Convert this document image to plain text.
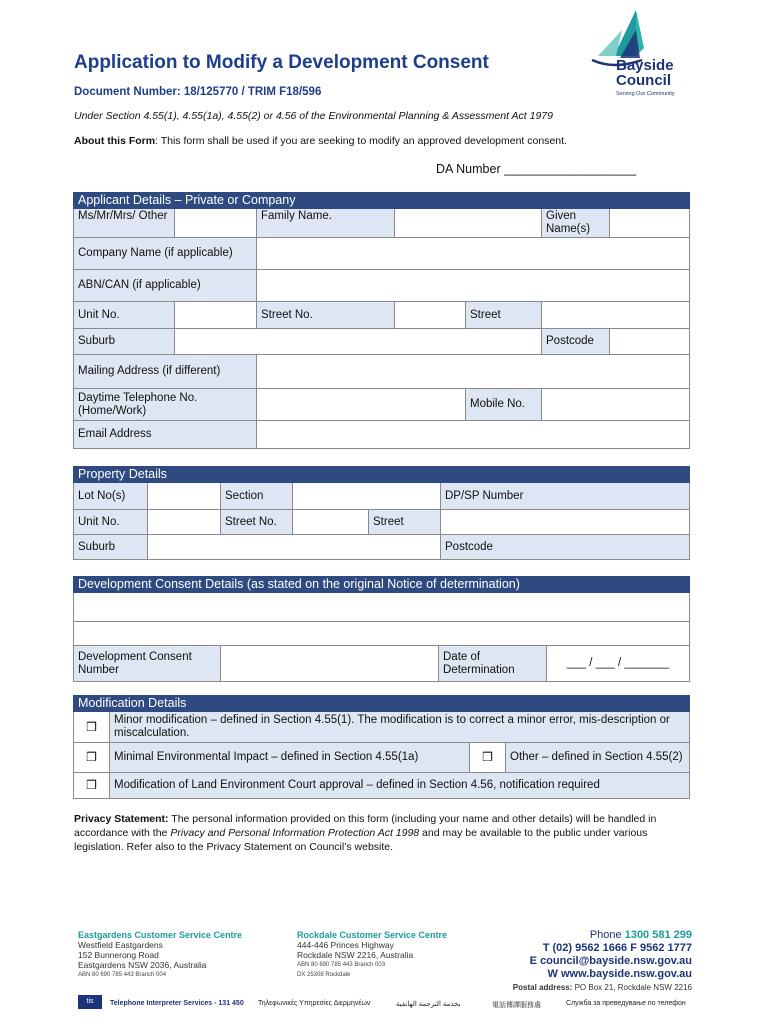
Application to Modify a Development Consent
Document Number: 18/125770 / TRIM F18/596
Under Section 4.55(1), 4.55(1a), 4.55(2) or 4.56 of the Environmental Planning & Assessment Act 1979
About this Form: This form shall be used if you are seeking to modify an approved development consent.
DA Number ___________________
Bayside
Council
Serving Our Community
Applicant Details – Private or Company						
Ms/Mr/Mrs/ Other		Family Name.			Given Name(s)	
Company Name (if applicable)						
ABN/CAN (if applicable)						
Unit No.		Street No.		Street		
Suburb					Postcode	
Mailing Address (if different)						
Daytime Telephone No. (Home/Work)				Mobile No.		
Email Address						
Property Details					
Lot No(s)		Section			DP/SP Number
Unit No.		Street No.		Street	
Suburb					Postcode
Development Consent Details (as stated on the original Notice of determination)

Development Consent Number		Date of Determination	___ / ___ / _______
Modification Details			
❒	Minor modification – defined in Section 4.55(1). The modification is to correct a minor error, mis-description or miscalculation.		
❒	Minimal Environmental Impact – defined in Section 4.55(1a)	❒	Other – defined in Section 4.55(2)
❒	Modification of Land Environment Court approval – defined in Section 4.56, notification required		
Privacy Statement: The personal information provided on this form (including your name and other details) will be handled in accordance with the Privacy and Personal Information Protection Act 1998 and may be available to the public under various legislation. Refer also to the Privacy Statement on Council’s website.
Eastgardens Customer Service Centre
Westfield Eastgardens
152 Bunnerong Road
Eastgardens NSW 2036, Australia
ABN 80 690 785 443 Branch 004
Rockdale Customer Service Centre
444-446 Princes Highway
Rockdale NSW 2216, Australia
ABN 80 690 785 443 Branch 003
DX 25308 Rockdale
Phone 1300 581 299
T (02) 9562 1666 F 9562 1777
E council@bayside.nsw.gov.au
W www.bayside.nsw.gov.au
Postal address: PO Box 21, Rockdale NSW 2216
tis	Telephone Interpreter Services - 131 450 Τηλεφωνικές Υπηρεσίες Διερμηνέων	بخدمة الترجمة الهاتفية	電話傳譯服務處	Служба за преведување по телефон
